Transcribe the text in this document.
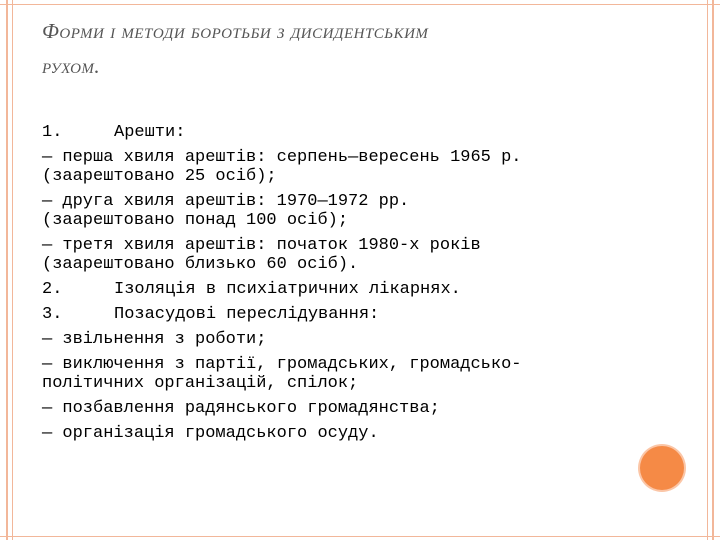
Форми і методи боротьби з дисидентським
рухом.
1.	Арешти:
— перша хвиля арештів: серпень—вересень 1965 р.
(заарештовано 25 осіб);
— друга хвиля арештів: 1970—1972 рр.
(заарештовано понад 100 осіб);
— третя хвиля арештів: початок 1980-х років
(заарештовано близько 60 осіб).
2.	Ізоляція в психіатричних лікарнях.
3.	Позасудові переслідування:
— звільнення з роботи;
— виключення з партії, громадських, громадсько-
політичних організацій, спілок;
— позбавлення радянського громадянства;
— організація громадського осуду.
